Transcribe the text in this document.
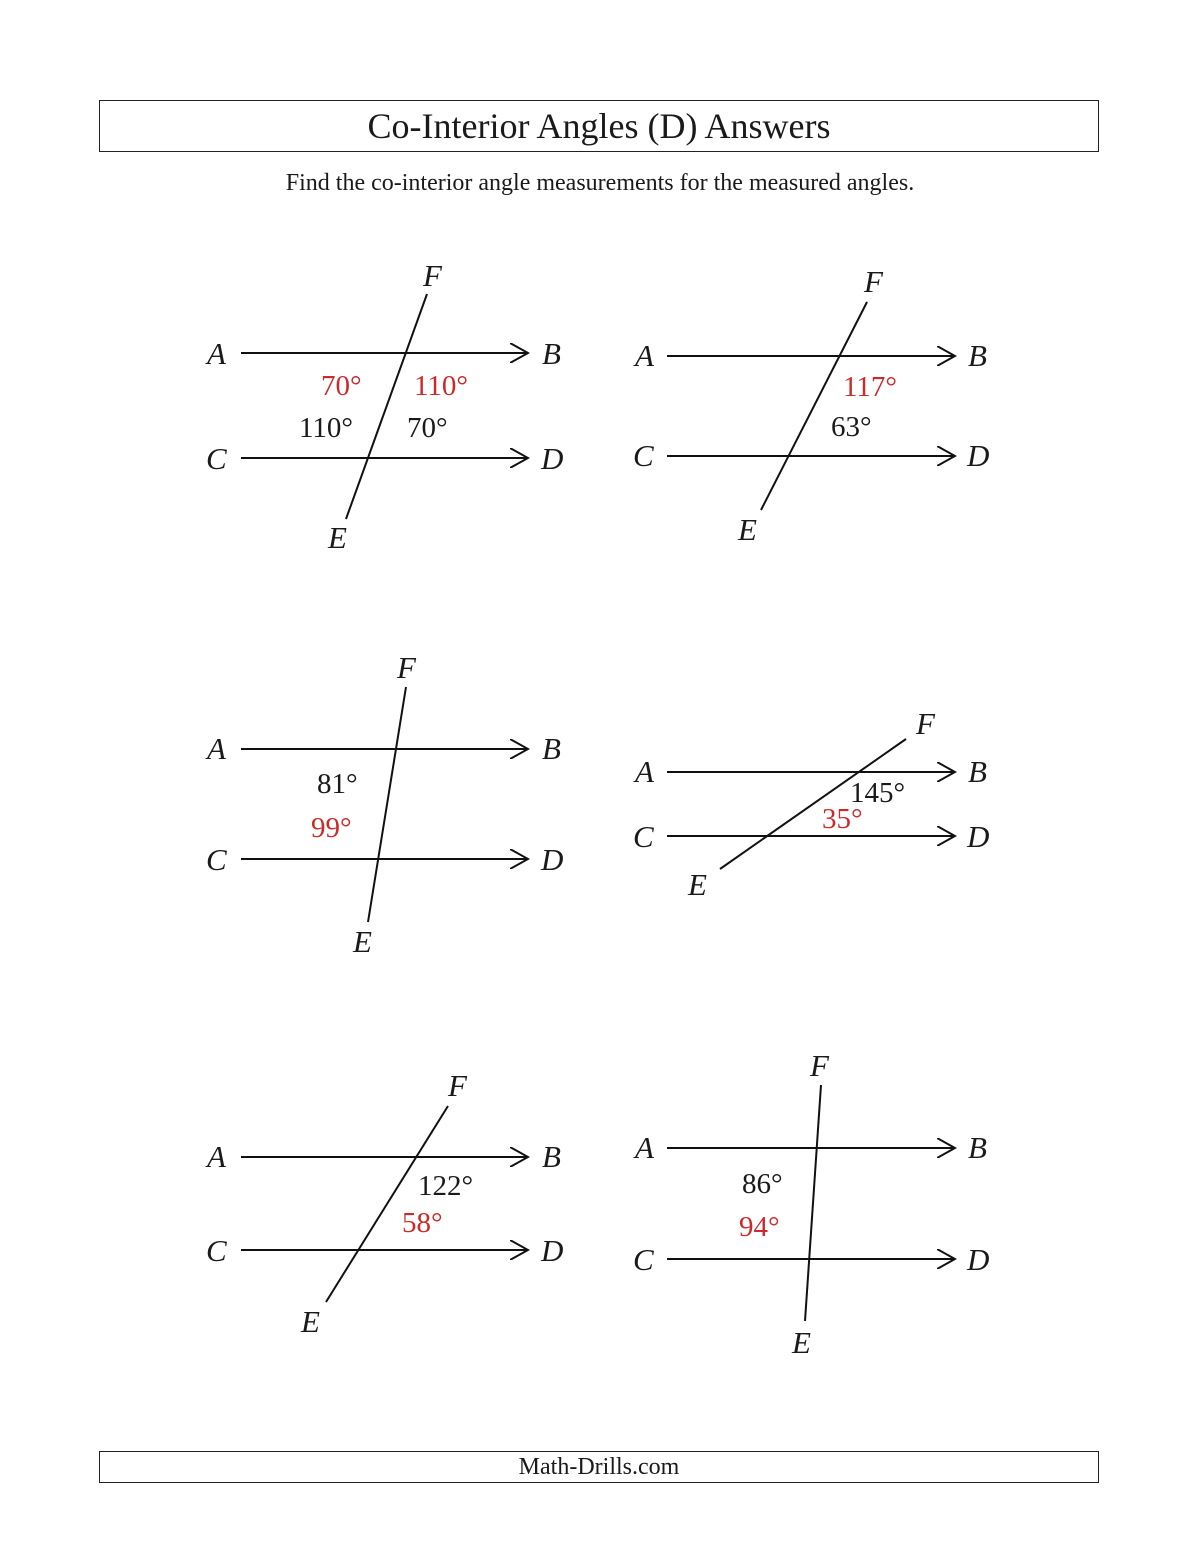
Co-Interior Angles (D) Answers
Find the co-interior angle measurements for the measured angles.
A	B
C	D
E
F
70° 110°
110° 70°
A	B
C	D
E
F
117°
63°
A	B
C	D
E
F
81°
99°
A	B
C	D
E
F
145°
35°
A	B
C	D
E
F
122°
58°
A	B
C	D
E
F
86°
94°
Math-Drills.com
